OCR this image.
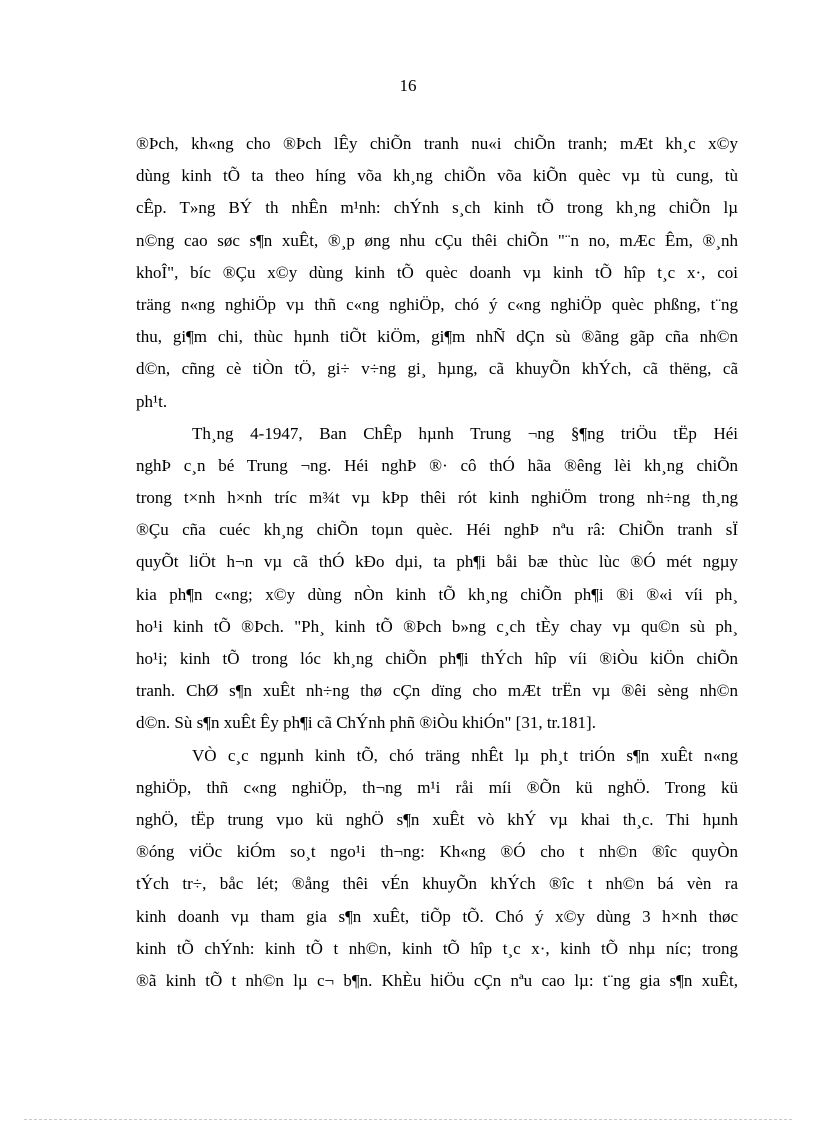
16
®Þch, kh«ng cho ®Þch lÊy chiÕn tranh nu«i chiÕn tranh; mÆt kh¸c x©y
dùng kinh tÕ ta theo híng võa kh¸ng chiÕn võa kiÕn quèc vµ tù cung, tù
cÊp. T»ng BÝ th nhÊn m¹nh: chÝnh s¸ch kinh tÕ trong kh¸ng chiÕn lµ
n©ng cao søc s¶n xuÊt, ®¸p øng nhu cÇu thêi chiÕn "¨n no, mÆc Êm, ®¸nh
khoÎ", bíc ®Çu x©y dùng kinh tÕ quèc doanh vµ kinh tÕ hîp t¸c x·, coi
träng n«ng nghiÖp vµ thñ c«ng nghiÖp, chó ý c«ng nghiÖp quèc phßng, t¨ng
thu, gi¶m chi, thùc hµnh tiÕt kiÖm, gi¶m nhÑ dÇn sù ®ãng gãp cña nh©n
d©n, cñng cè tiÒn tÖ, gi÷ v÷ng gi¸ hµng, cã khuyÕn khÝch, cã thëng, cã
ph¹t.
Th¸ng 4-1947, Ban ChÊp hµnh Trung ¬ng §¶ng triÖu tËp Héi
nghÞ c¸n bé Trung ¬ng. Héi nghÞ ®· cô thÓ hãa ®êng lèi kh¸ng chiÕn
trong t×nh h×nh tríc m¾t vµ kÞp thêi rót kinh nghiÖm trong nh÷ng th¸ng
®Çu cña cuéc kh¸ng chiÕn toµn quèc. Héi nghÞ nªu râ: ChiÕn tranh sÏ
quyÕt liÖt h¬n vµ cã thÓ kÐo dµi, ta ph¶i båi bæ thùc lùc ®Ó mét ngµy
kia ph¶n c«ng; x©y dùng nÒn kinh tÕ kh¸ng chiÕn ph¶i ®i ®«i víi ph¸
ho¹i kinh tÕ ®Þch. "Ph¸ kinh tÕ ®Þch b»ng c¸ch tÈy chay vµ qu©n sù ph¸
ho¹i; kinh tÕ trong lóc kh¸ng chiÕn ph¶i thÝch hîp víi ®iÒu kiÖn chiÕn
tranh. ChØ s¶n xuÊt nh÷ng thø cÇn dïng cho mÆt trËn vµ ®êi sèng nh©n
d©n. Sù s¶n xuÊt Êy ph¶i cã ChÝnh phñ ®iÒu khiÓn" [31, tr.181].
VÒ c¸c ngµnh kinh tÕ, chó träng nhÊt lµ ph¸t triÓn s¶n xuÊt n«ng
nghiÖp, thñ c«ng nghiÖp, th¬ng m¹i råi míi ®Õn kü nghÖ. Trong kü
nghÖ, tËp trung vµo kü nghÖ s¶n xuÊt vò khÝ vµ khai th¸c. Thi hµnh
®óng viÖc kiÓm so¸t ngo¹i th¬ng: Kh«ng ®Ó cho t nh©n ®îc quyÒn
tÝch tr÷, båc lét; ®ång thêi vÉn khuyÕn khÝch ®îc t nh©n bá vèn ra
kinh doanh vµ tham gia s¶n xuÊt, tiÕp tÕ. Chó ý x©y dùng 3 h×nh thøc
kinh tÕ chÝnh: kinh tÕ t nh©n, kinh tÕ hîp t¸c x·, kinh tÕ nhµ níc; trong
®ã kinh tÕ t nh©n lµ c¬ b¶n. KhÈu hiÖu cÇn nªu cao lµ: t¨ng gia s¶n xuÊt,
